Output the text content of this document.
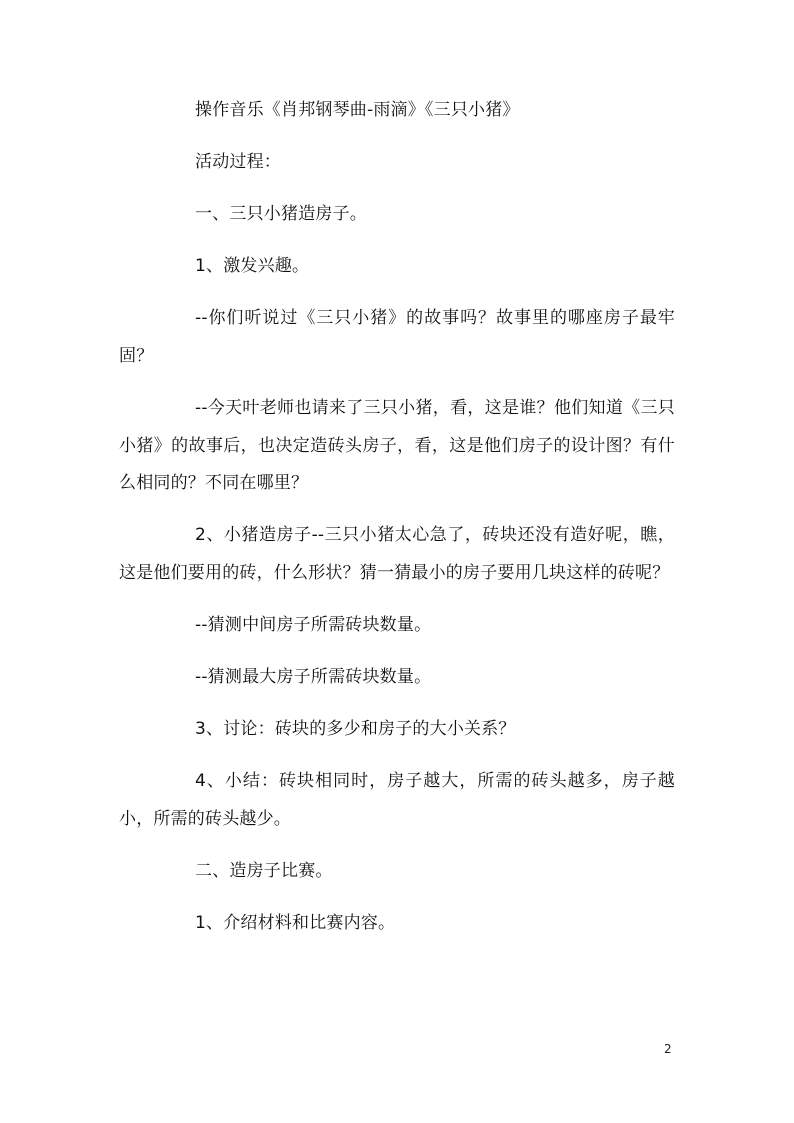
操作音乐《肖邦钢琴曲-雨滴》《三只小猪》

活动过程：

一、三只小猪造房子。

1、激发兴趣。

--你们听说过《三只小猪》的故事吗？故事里的哪座房子最牢固？

--今天叶老师也请来了三只小猪，看，这是谁？他们知道《三只小猪》的故事后，也决定造砖头房子，看，这是他们房子的设计图？有什么相同的？不同在哪里？

2、小猪造房子--三只小猪太心急了，砖块还没有造好呢，瞧，这是他们要用的砖，什么形状？猜一猜最小的房子要用几块这样的砖呢？

--猜测中间房子所需砖块数量。

--猜测最大房子所需砖块数量。

3、讨论：砖块的多少和房子的大小关系？

4、小结：砖块相同时，房子越大，所需的砖头越多，房子越小，所需的砖头越少。

二、造房子比赛。

1、介绍材料和比赛内容。

2
